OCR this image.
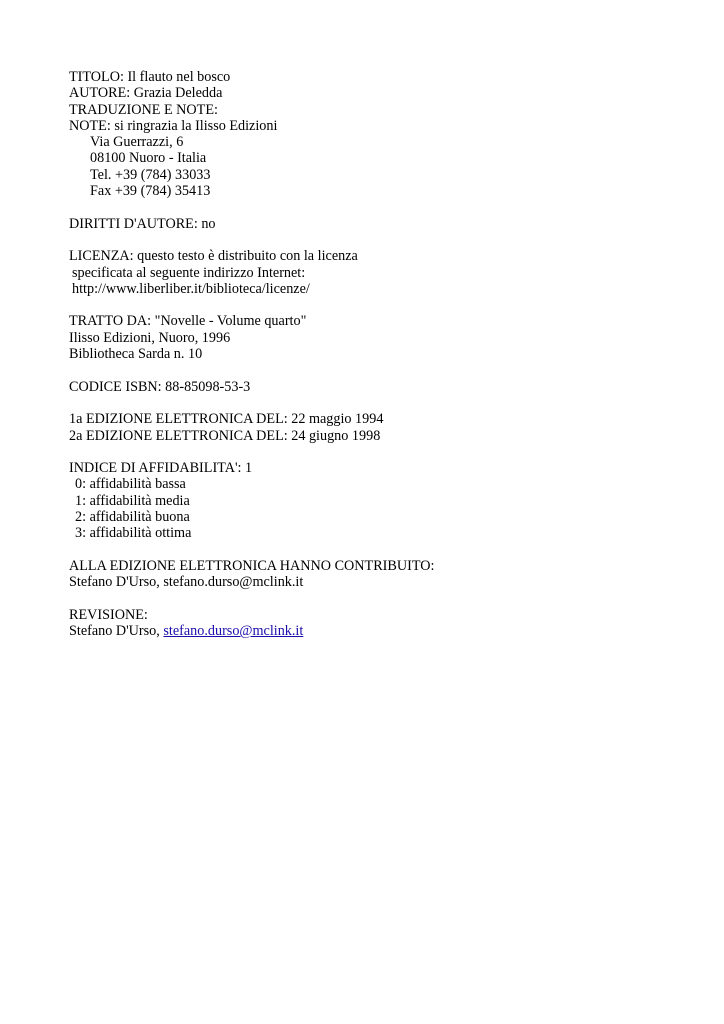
TITOLO: Il flauto nel bosco
AUTORE: Grazia Deledda
TRADUZIONE E NOTE:
NOTE: si ringrazia la Ilisso Edizioni
Via Guerrazzi, 6
08100 Nuoro - Italia
Tel. +39 (784) 33033
Fax +39 (784) 35413
DIRITTI D'AUTORE: no
LICENZA: questo testo è distribuito con la licenza
specificata al seguente indirizzo Internet:
http://www.liberliber.it/biblioteca/licenze/
TRATTO DA: "Novelle - Volume quarto"
Ilisso Edizioni, Nuoro, 1996
Bibliotheca Sarda n. 10
CODICE ISBN: 88-85098-53-3
1a EDIZIONE ELETTRONICA DEL: 22 maggio 1994
2a EDIZIONE ELETTRONICA DEL: 24 giugno 1998
INDICE DI AFFIDABILITA': 1
0: affidabilità bassa
1: affidabilità media
2: affidabilità buona
3: affidabilità ottima
ALLA EDIZIONE ELETTRONICA HANNO CONTRIBUITO:
Stefano D'Urso, stefano.durso@mclink.it
REVISIONE:
Stefano D'Urso, stefano.durso@mclink.it
